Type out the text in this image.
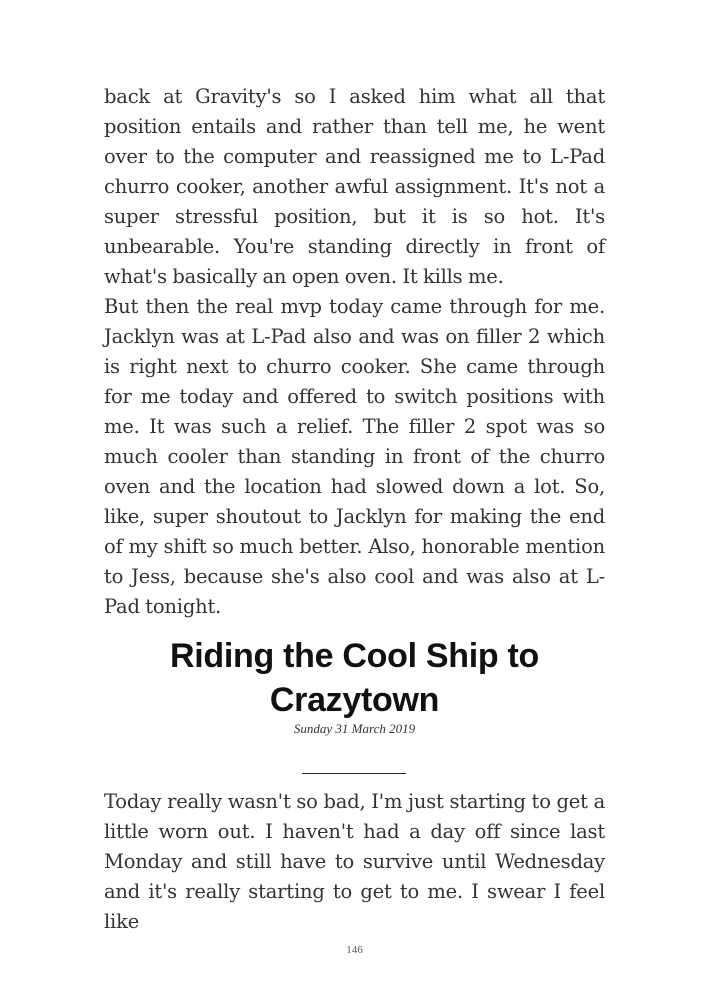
back at Gravity's so I asked him what all that position entails and rather than tell me, he went over to the computer and reassigned me to L-Pad churro cooker, another awful assignment. It's not a super stressful position, but it is so hot. It's unbearable. You're standing directly in front of what's basically an open oven. It kills me.

But then the real mvp today came through for me. Jacklyn was at L-Pad also and was on filler 2 which is right next to churro cooker. She came through for me today and offered to switch positions with me. It was such a relief. The filler 2 spot was so much cooler than standing in front of the churro oven and the location had slowed down a lot. So, like, super shoutout to Jacklyn for making the end of my shift so much better. Also, honorable mention to Jess, because she's also cool and was also at L-Pad tonight.

Riding the Cool Ship to Crazytown
Sunday 31 March 2019

Today really wasn't so bad, I'm just starting to get a little worn out. I haven't had a day off since last Monday and still have to survive until Wednesday and it's really starting to get to me. I swear I feel like

146
